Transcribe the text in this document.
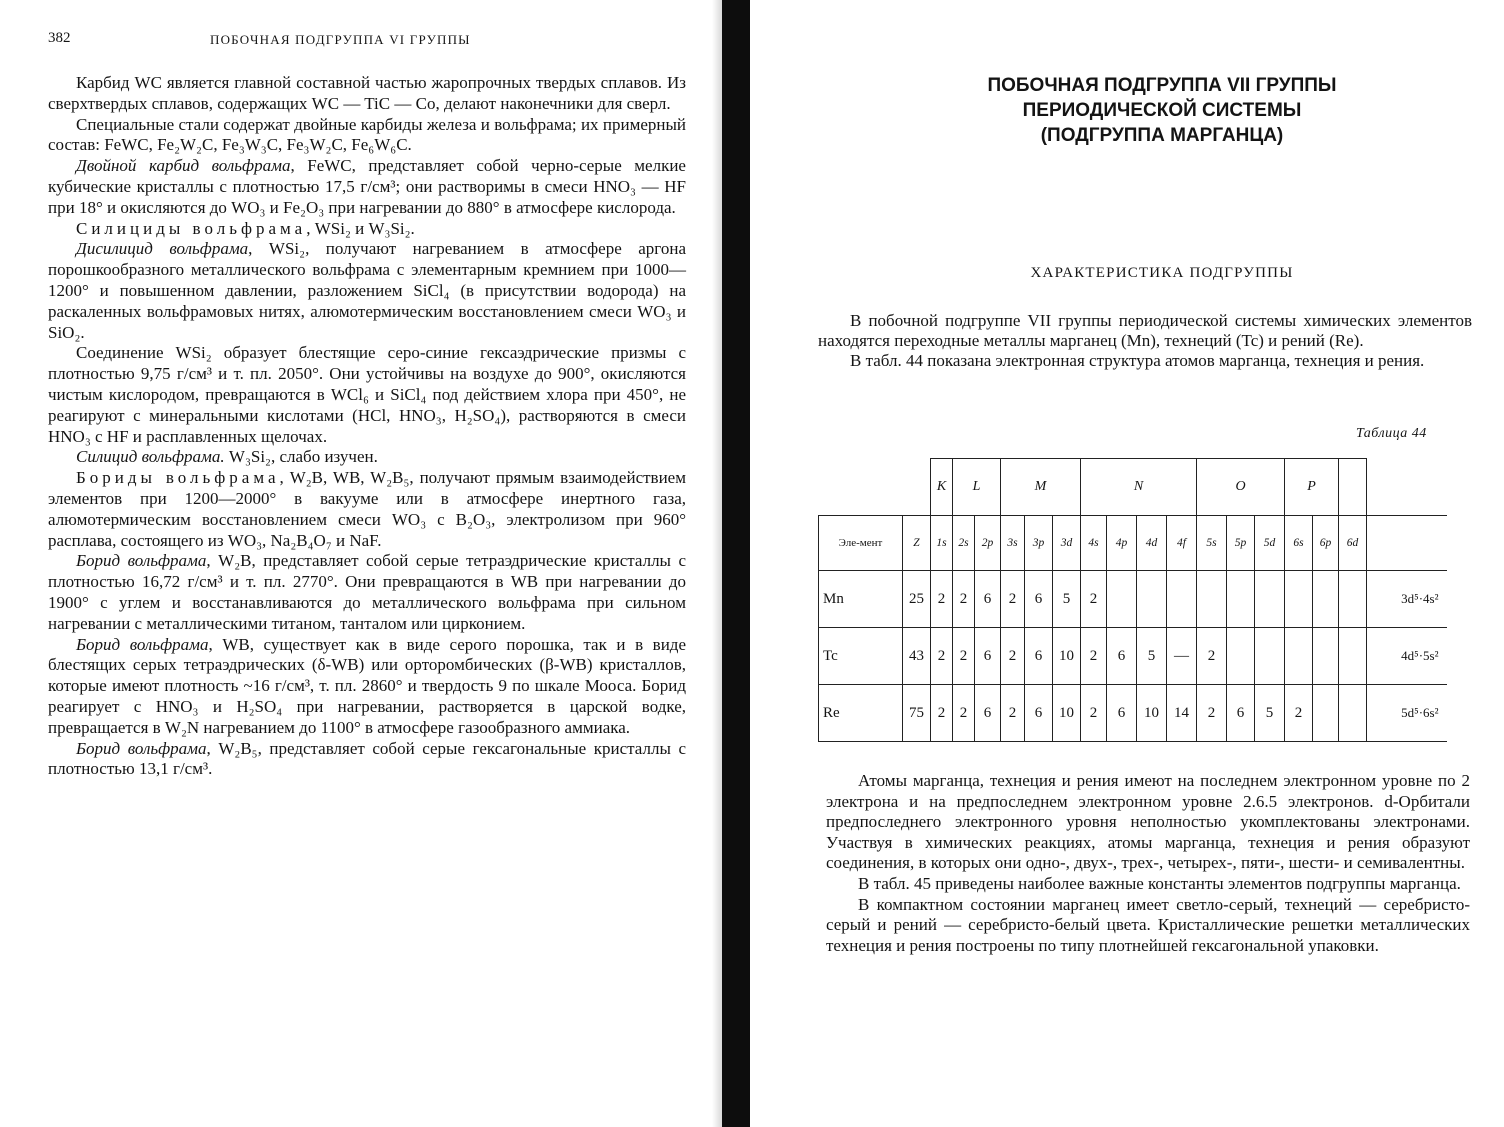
382	ПОБОЧНАЯ ПОДГРУППА VI ГРУППЫ

Карбид WC является главной составной частью жаропрочных твердых сплавов. Из сверхтвердых сплавов, содержащих WC — TiC — Co, делают наконечники для сверл.

Специальные стали содержат двойные карбиды железа и вольфрама; их примерный состав: FeWC, Fe₂W₂C, Fe₃W₃C, Fe₃W₂C, Fe₆W₆C.

Двойной карбид вольфрама, FeWC, представляет собой черно-серые мелкие кубические кристаллы с плотностью 17,5 г/см³; они растворимы в смеси HNO₃ — HF при 18° и окисляются до WO₃ и Fe₂O₃ при нагревании до 880° в атмосфере кислорода.

Силициды вольфрама, WSi₂ и W₃Si₂.

Дисилицид вольфрама, WSi₂, получают нагреванием в атмосфере аргона порошкообразного металлического вольфрама с элементарным кремнием при 1000—1200° и повышенном давлении, разложением SiCl₄ (в присутствии водорода) на раскаленных вольфрамовых нитях, алюмотермическим восстановлением смеси WO₃ и SiO₂.

Соединение WSi₂ образует блестящие серо-синие гексаэдрические призмы с плотностью 9,75 г/см³ и т. пл. 2050°. Они устойчивы на воздухе до 900°, окисляются чистым кислородом, превращаются в WCl₆ и SiCl₄ под действием хлора при 450°, не реагируют с минеральными кислотами (HCl, HNO₃, H₂SO₄), растворяются в смеси HNO₃ с HF и расплавленных щелочах.

Силицид вольфрама. W₃Si₂, слабо изучен.

Бориды вольфрама, W₂B, WB, W₂B₅, получают прямым взаимодействием элементов при 1200—2000° в вакууме или в атмосфере инертного газа, алюмотермическим восстановлением смеси WO₃ с B₂O₃, электролизом при 960° расплава, состоящего из WO₃, Na₂B₄O₇ и NaF.

Борид вольфрама, W₂B, представляет собой серые тетраэдрические кристаллы с плотностью 16,72 г/см³ и т. пл. 2770°. Они превращаются в WB при нагревании до 1900° с углем и восстанавливаются до металлического вольфрама при сильном нагревании с металлическими титаном, танталом или цирконием.

Борид вольфрама, WB, существует как в виде серого порошка, так и в виде блестящих серых тетраэдрических (δ-WB) или орторомбических (β-WB) кристаллов, которые имеют плотность ~16 г/см³, т. пл. 2860° и твердость 9 по шкале Мооса. Борид реагирует с HNO₃ и H₂SO₄ при нагревании, растворяется в царской водке, превращается в W₂N нагреванием до 1100° в атмосфере газообразного аммиака.

Борид вольфрама, W₂B₅, представляет собой серые гексагональные кристаллы с плотностью 13,1 г/см³.

ПОБОЧНАЯ ПОДГРУППА VII ГРУППЫ
ПЕРИОДИЧЕСКОЙ СИСТЕМЫ
(ПОДГРУППА МАРГАНЦА)
ХАРАКТЕРИСТИКА ПОДГРУППЫ

В побочной подгруппе VII группы периодической системы химических элементов находятся переходные металлы марганец (Mn), технеций (Tc) и рений (Re).

В табл. 44 показана электронная структура атомов марганца, технеция и рения.

Таблица 44
		K	L		M			N				O			P			
Эле-мент	Z	1s	2s	2p	3s	3p	3d	4s	4p	4d	4f	5s	5p	5d	6s	6p	6d	
Mn	25	2	2	6	2	6	5	2										3d⁵·4s²
Tc	43	2	2	6	2	6	10	2	6	5	—	2						4d⁵·5s²
Re	75	2	2	6	2	6	10	2	6	10	14	2	6	5	2			5d⁵·6s²

Атомы марганца, технеция и рения имеют на последнем электронном уровне по 2 электрона и на предпоследнем электронном уровне 2.6.5 электронов. d-Орбитали предпоследнего электронного уровня неполностью укомплектованы электронами. Участвуя в химических реакциях, атомы марганца, технеция и рения образуют соединения, в которых они одно-, двух-, трех-, четырех-, пяти-, шести- и семивалентны.

В табл. 45 приведены наиболее важные константы элементов подгруппы марганца.

В компактном состоянии марганец имеет светло-серый, технеций — серебристо-серый и рений — серебристо-белый цвета. Кристаллические решетки металлических технеция и рения построены по типу плотнейшей гексагональной упаковки.
